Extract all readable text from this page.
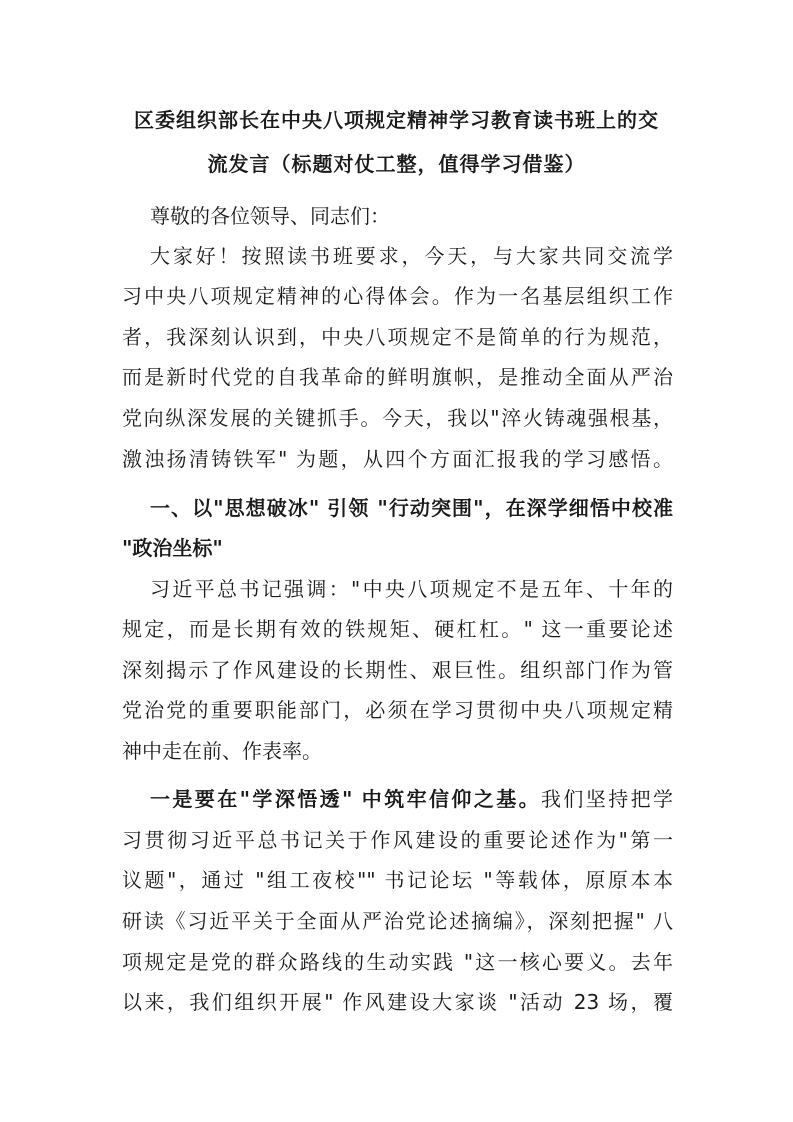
区委组织部长在中央八项规定精神学习教育读书班上的交
流发言（标题对仗工整，值得学习借鉴）
尊敬的各位领导、同志们：
大家好！按照读书班要求，今天，与大家共同交流学
习中央八项规定精神的心得体会。作为一名基层组织工作
者，我深刻认识到，中央八项规定不是简单的行为规范，
而是新时代党的自我革命的鲜明旗帜，是推动全面从严治
党向纵深发展的关键抓手。今天，我以"淬火铸魂强根基，
激浊扬清铸铁军" 为题，从四个方面汇报我的学习感悟。
一、以"思想破冰" 引领 "行动突围"，在深学细悟中校准
"政治坐标"
习近平总书记强调："中央八项规定不是五年、十年的
规定，而是长期有效的铁规矩、硬杠杠。" 这一重要论述
深刻揭示了作风建设的长期性、艰巨性。组织部门作为管
党治党的重要职能部门，必须在学习贯彻中央八项规定精
神中走在前、作表率。
一是要在"学深悟透" 中筑牢信仰之基。我们坚持把学
习贯彻习近平总书记关于作风建设的重要论述作为"第一
议题"，通过 "组工夜校"" 书记论坛 "等载体，原原本本
研读《习近平关于全面从严治党论述摘编》，深刻把握" 八
项规定是党的群众路线的生动实践 "这一核心要义。去年
以来，我们组织开展" 作风建设大家谈 "活动 23 场，覆
